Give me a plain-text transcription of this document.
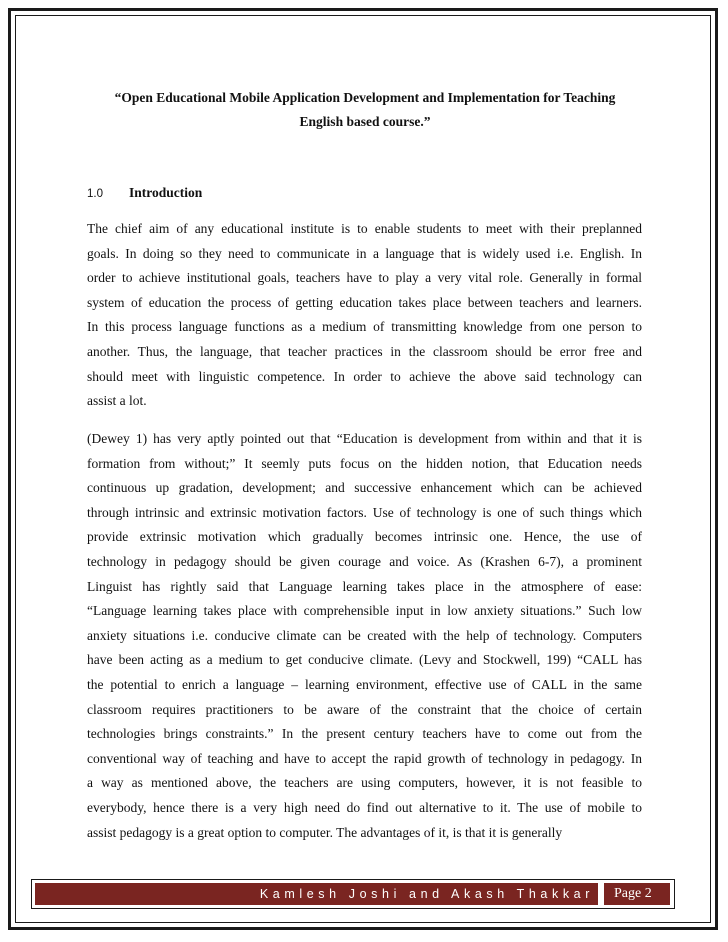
“Open Educational Mobile Application Development and Implementation for Teaching
English based course.”
1.0 Introduction
The chief aim of any educational institute is to enable students to meet with their preplanned
goals. In doing so they need to communicate in a language that is widely used i.e. English. In
order to achieve institutional goals, teachers have to play a very vital role. Generally in formal
system of education the process of getting education takes place between teachers and learners.
In this process language functions as a medium of transmitting knowledge from one person to
another. Thus, the language, that teacher practices in the classroom should be error free and
should meet with linguistic competence. In order to achieve the above said technology can
assist a lot.
(Dewey 1) has very aptly pointed out that “Education is development from within and that it is
formation from without;” It seemly puts focus on the hidden notion, that Education needs
continuous up gradation, development; and successive enhancement which can be achieved
through intrinsic and extrinsic motivation factors. Use of technology is one of such things which
provide extrinsic motivation which gradually becomes intrinsic one. Hence, the use of
technology in pedagogy should be given courage and voice. As (Krashen 6-7), a prominent
Linguist has rightly said that Language learning takes place in the atmosphere of ease:
“Language learning takes place with comprehensible input in low anxiety situations.” Such low
anxiety situations i.e. conducive climate can be created with the help of technology. Computers
have been acting as a medium to get conducive climate. (Levy and Stockwell, 199) “CALL has
the potential to enrich a language – learning environment, effective use of CALL in the same
classroom requires practitioners to be aware of the constraint that the choice of certain
technologies brings constraints.” In the present century teachers have to come out from the
conventional way of teaching and have to accept the rapid growth of technology in pedagogy. In
a way as mentioned above, the teachers are using computers, however, it is not feasible to
everybody, hence there is a very high need do find out alternative to it. The use of mobile to
assist pedagogy is a great option to computer. The advantages of it, is that it is generally
Kamlesh Joshi and Akash Thakkar	Page 2
